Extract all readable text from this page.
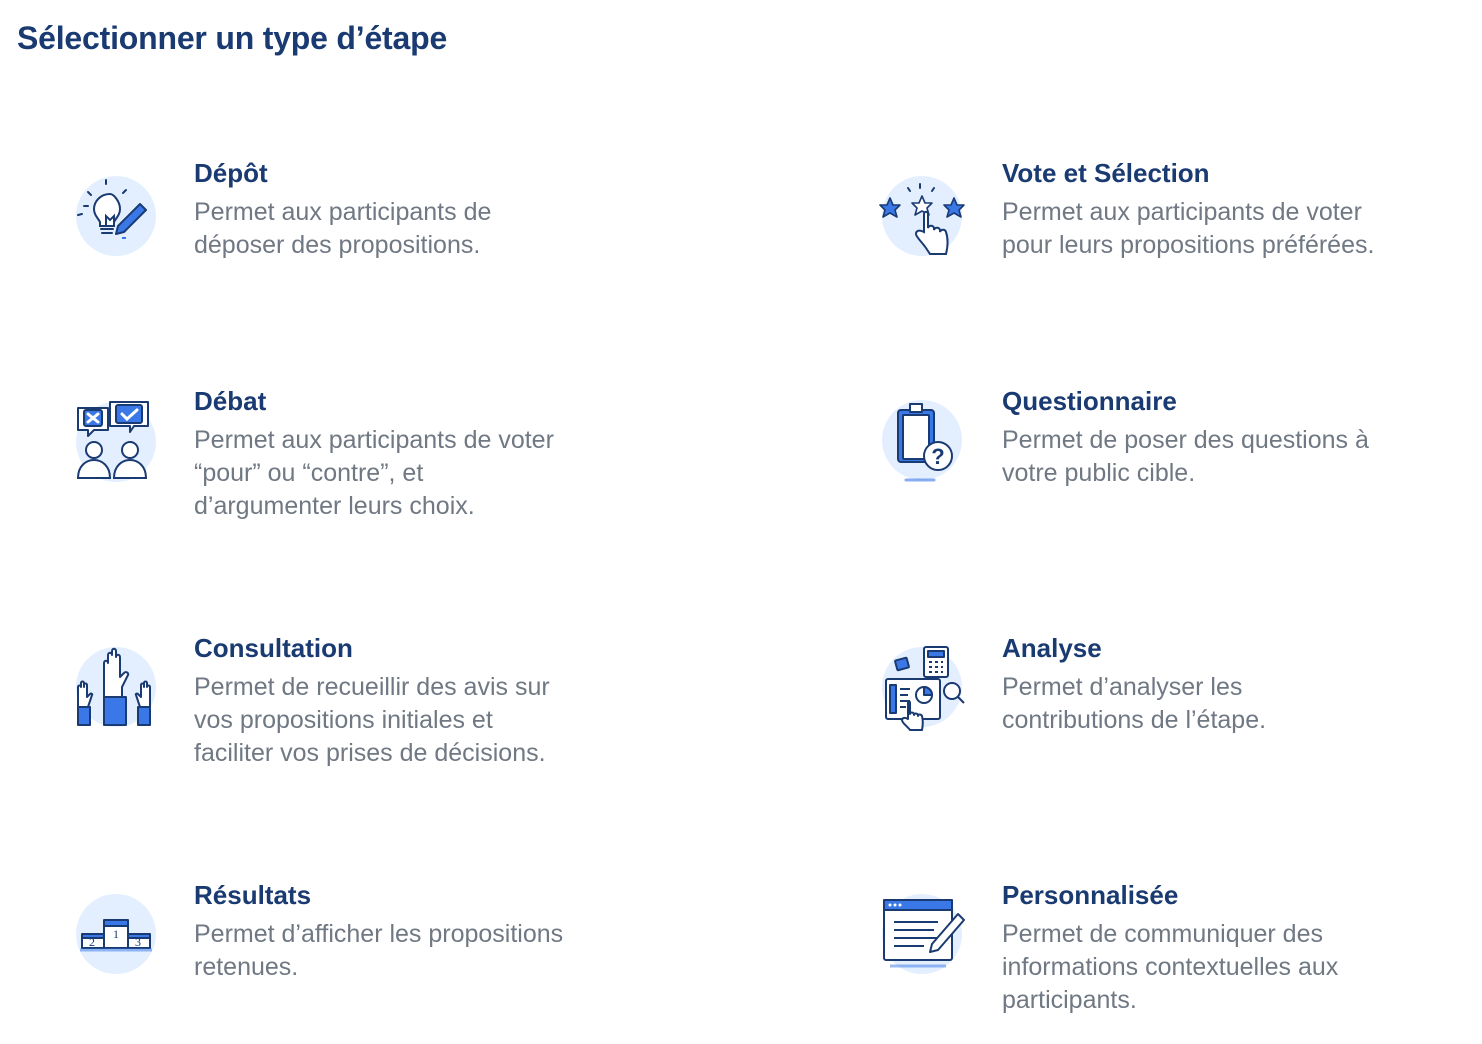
Sélectionner un type d’étape

Dépôt

Permet aux participants de
déposer des propositions.

Vote et Sélection

Permet aux participants de voter
pour leurs propositions préférées.

Débat

Permet aux participants de voter
“pour” ou “contre”, et
d’argumenter leurs choix.

?

Questionnaire

Permet de poser des questions à
votre public cible.

Consultation

Permet de recueillir des avis sur
vos propositions initiales et
faciliter vos prises de décisions.

Analyse

Permet d’analyser les
contributions de l’étape.

1
2	3

Résultats

Permet d’afficher les propositions
retenues.

Personnalisée

Permet de communiquer des
informations contextuelles aux
participants.
